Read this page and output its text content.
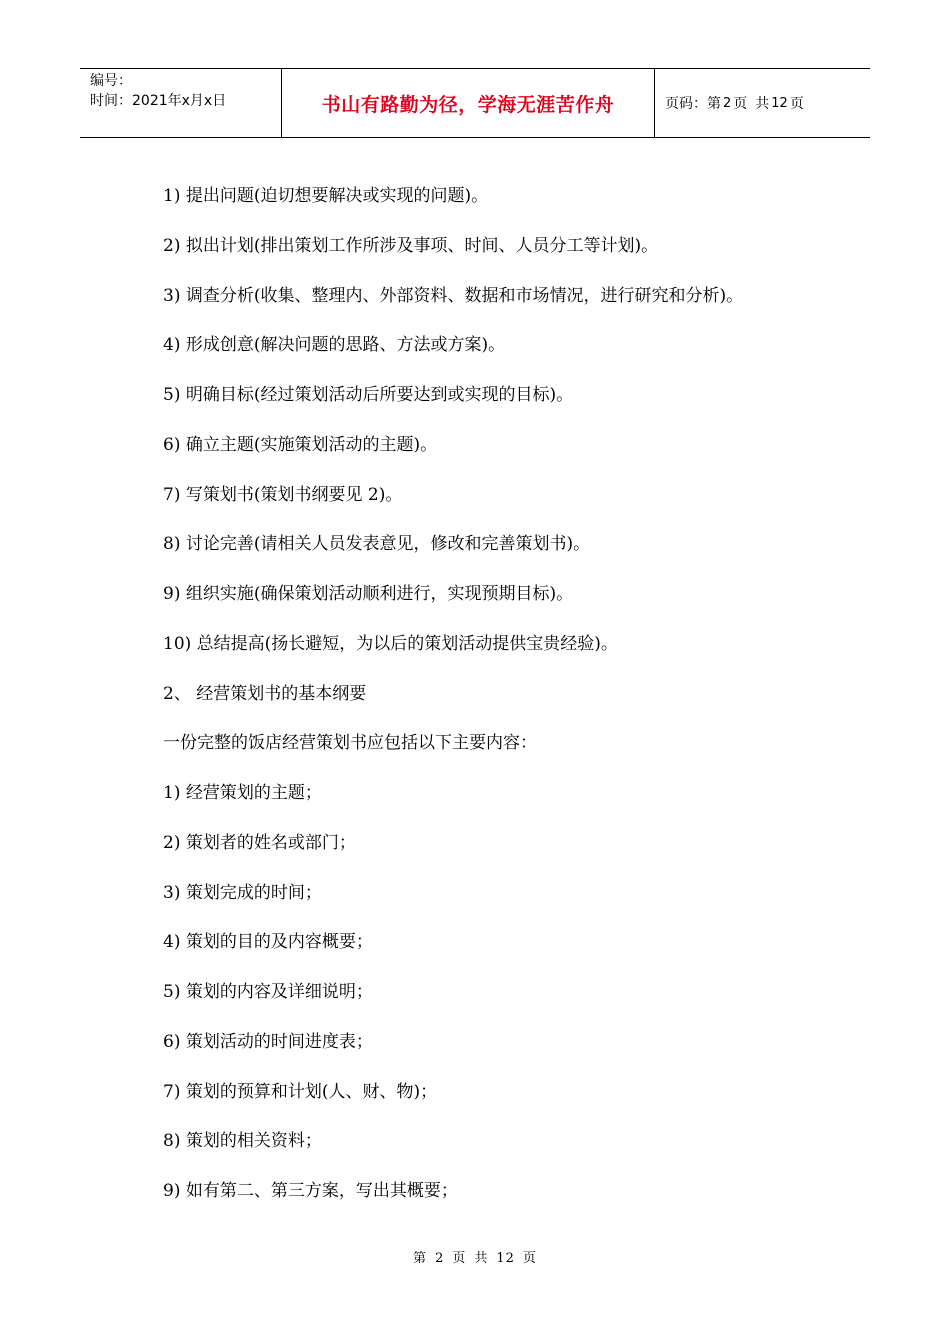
编号：
时间：2021年x月x日	书山有路勤为径，学海无涯苦作舟	页码：第 2 页 共 12 页
1) 提出问题(迫切想要解决或实现的问题)。
2) 拟出计划(排出策划工作所涉及事项、时间、人员分工等计划)。
3) 调查分析(收集、整理内、外部资料、数据和市场情况，进行研究和分析)。
4) 形成创意(解决问题的思路、方法或方案)。
5) 明确目标(经过策划活动后所要达到或实现的目标)。
6) 确立主题(实施策划活动的主题)。
7) 写策划书(策划书纲要见 2)。
8) 讨论完善(请相关人员发表意见，修改和完善策划书)。
9) 组织实施(确保策划活动顺利进行，实现预期目标)。
10) 总结提高(扬长避短，为以后的策划活动提供宝贵经验)。
2、 经营策划书的基本纲要
一份完整的饭店经营策划书应包括以下主要内容：
1) 经营策划的主题；
2) 策划者的姓名或部门；
3) 策划完成的时间；
4) 策划的目的及内容概要；
5) 策划的内容及详细说明；
6) 策划活动的时间进度表；
7) 策划的预算和计划(人、财、物)；
8) 策划的相关资料；
9) 如有第二、第三方案，写出其概要；
第 2 页 共 12 页
